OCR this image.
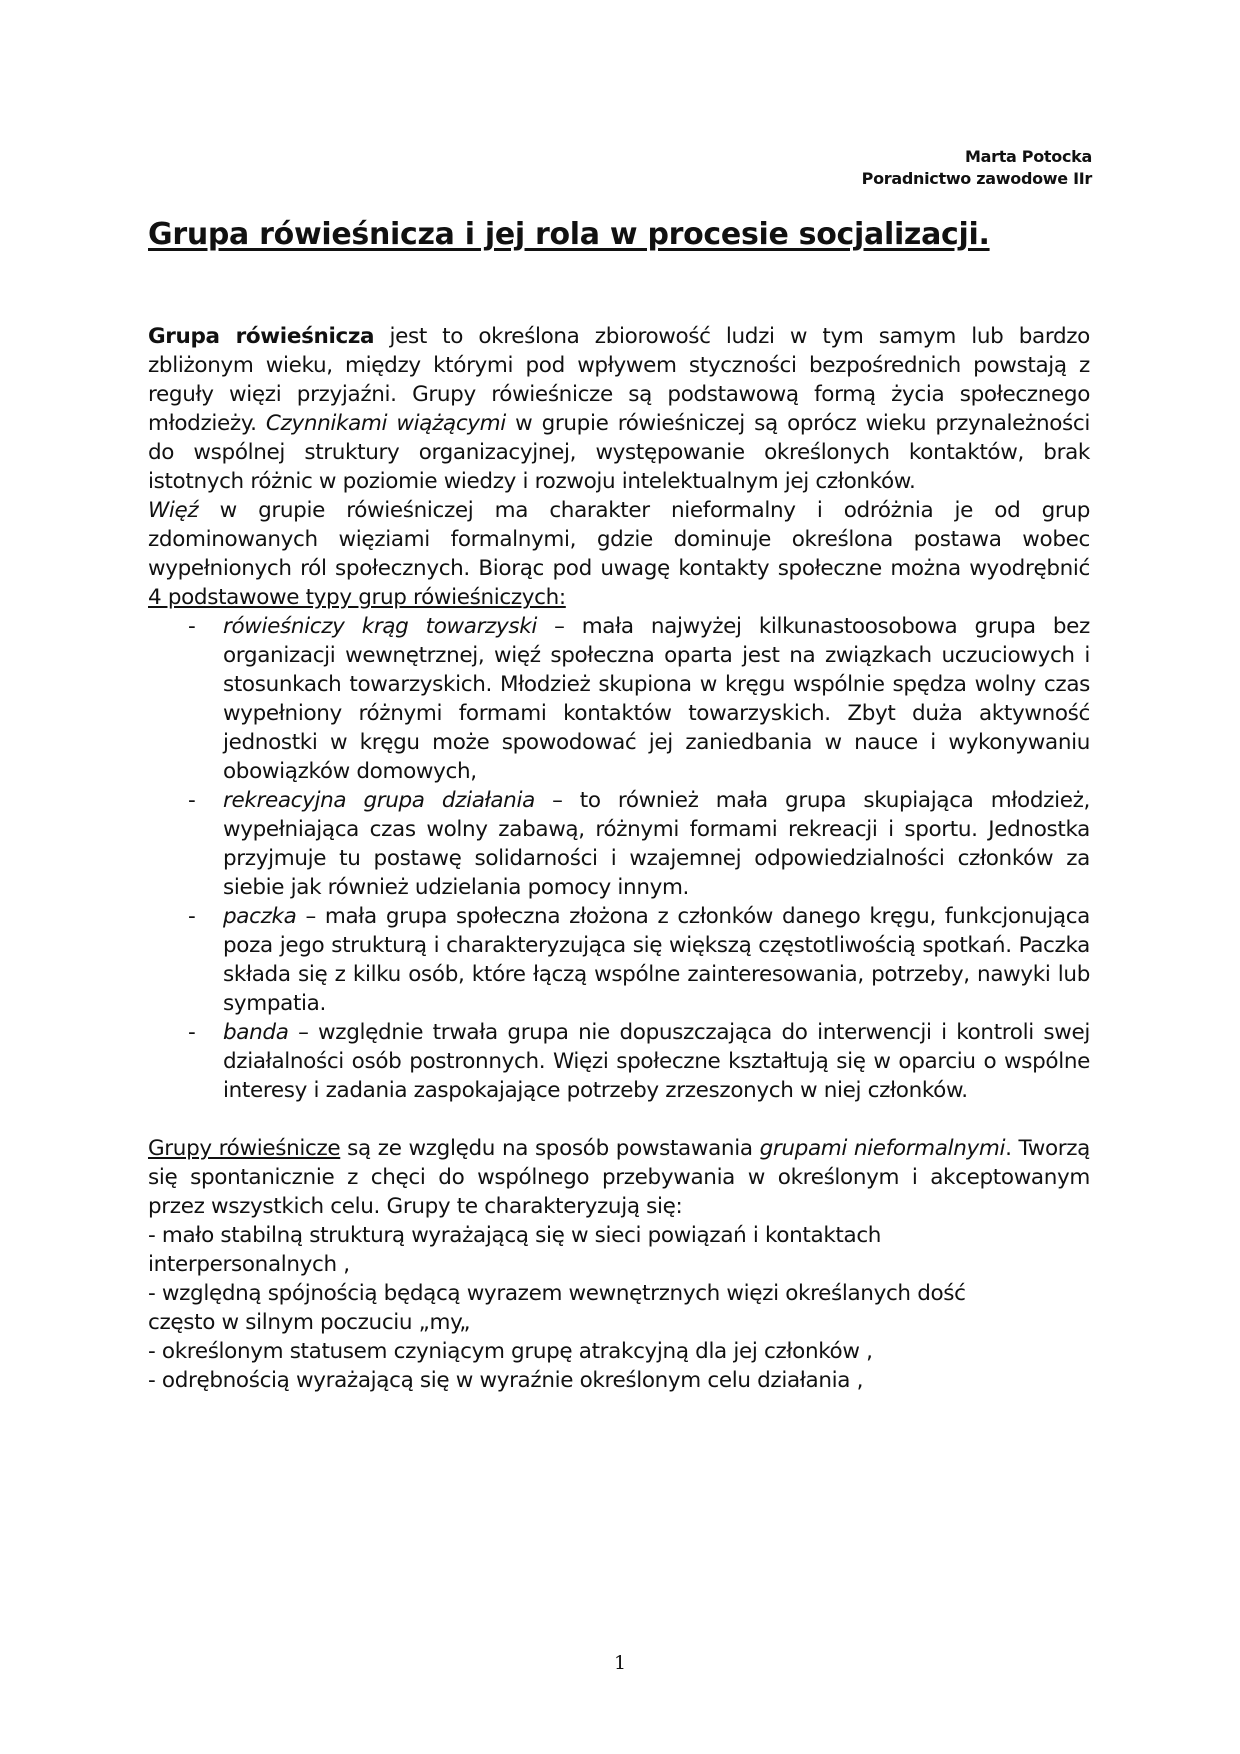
Marta Potocka
Poradnictwo zawodowe IIr
Grupa rówieśnicza i jej rola w procesie socjalizacji.

Grupa rówieśnicza jest to określona zbiorowość ludzi w tym samym lub bardzo zbliżonym wieku, między którymi pod wpływem styczności bezpośrednich powstają z reguły więzi przyjaźni. Grupy rówieśnicze są podstawową formą życia społecznego młodzieży. Czynnikami wiążącymi w grupie rówieśniczej są oprócz wieku przynależności do wspólnej struktury organizacyjnej, występowanie określonych kontaktów, brak istotnych różnic w poziomie wiedzy i rozwoju intelektualnym jej członków.

Więź w grupie rówieśniczej ma charakter nieformalny i odróżnia je od grup zdominowanych więziami formalnymi, gdzie dominuje określona postawa wobec wypełnionych ról społecznych. Biorąc pod uwagę kontakty społeczne można wyodrębnić 4 podstawowe typy grup rówieśniczych:

- rówieśniczy krąg towarzyski – mała najwyżej kilkunastoosobowa grupa bez organizacji wewnętrznej, więź społeczna oparta jest na związkach uczuciowych i stosunkach towarzyskich. Młodzież skupiona w kręgu wspólnie spędza wolny czas wypełniony różnymi formami kontaktów towarzyskich. Zbyt duża aktywność jednostki w kręgu może spowodować jej zaniedbania w nauce i wykonywaniu obowiązków domowych,
- rekreacyjna grupa działania – to również mała grupa skupiająca młodzież, wypełniająca czas wolny zabawą, różnymi formami rekreacji i sportu. Jednostka przyjmuje tu postawę solidarności i wzajemnej odpowiedzialności członków za siebie jak również udzielania pomocy innym.
- paczka – mała grupa społeczna złożona z członków danego kręgu, funkcjonująca poza jego strukturą i charakteryzująca się większą częstotliwością spotkań. Paczka składa się z kilku osób, które łączą wspólne zainteresowania, potrzeby, nawyki lub sympatia.
- banda – względnie trwała grupa nie dopuszczająca do interwencji i kontroli swej działalności osób postronnych. Więzi społeczne kształtują się w oparciu o wspólne interesy i zadania zaspokajające potrzeby zrzeszonych w niej członków.

Grupy rówieśnicze są ze względu na sposób powstawania grupami nieformalnymi. Tworzą się spontanicznie z chęci do wspólnego przebywania w określonym i akceptowanym przez wszystkich celu. Grupy te charakteryzują się:

- mało stabilną strukturą wyrażającą się w sieci powiązań i kontaktach interpersonalnych ,

- względną spójnością będącą wyrazem wewnętrznych więzi określanych dość często w silnym poczuciu „my„

- określonym statusem czyniącym grupę atrakcyjną dla jej członków ,

- odrębnością wyrażającą się w wyraźnie określonym celu działania ,

1
